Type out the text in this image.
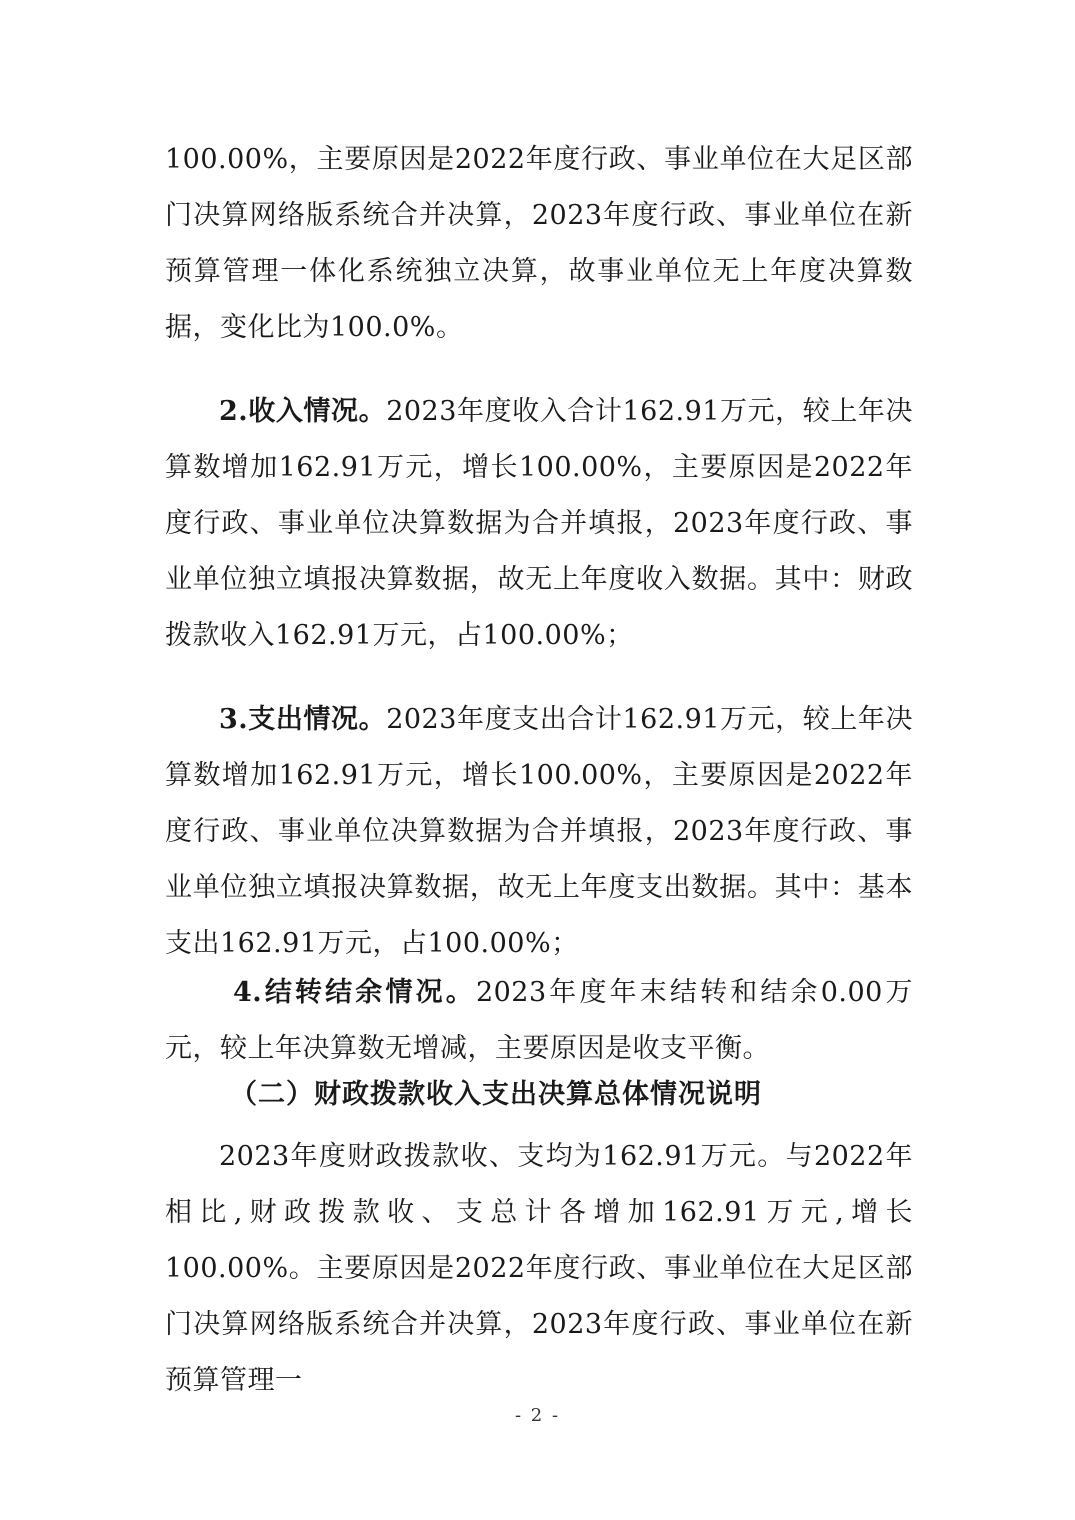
100.00%，主要原因是2022年度行政、事业单位在大足区部门决算网络版系统合并决算，2023年度行政、事业单位在新预算管理一体化系统独立决算，故事业单位无上年度决算数据，变化比为100.0%。

2.收入情况。2023年度收入合计162.91万元，较上年决算数增加162.91万元，增长100.00%，主要原因是2022年度行政、事业单位决算数据为合并填报，2023年度行政、事业单位独立填报决算数据，故无上年度收入数据。其中：财政拨款收入162.91万元，占100.00%；

3.支出情况。2023年度支出合计162.91万元，较上年决算数增加162.91万元，增长100.00%，主要原因是2022年度行政、事业单位决算数据为合并填报，2023年度行政、事业单位独立填报决算数据，故无上年度支出数据。其中：基本支出162.91万元，占100.00%；

4.结转结余情况。2023年度年末结转和结余0.00万元，较上年决算数无增减，主要原因是收支平衡。

（二）财政拨款收入支出决算总体情况说明

2023年度财政拨款收、支均为162.91万元。与2022年相比,财政拨款收、支总计各增加162.91万元,增长100.00%。主要原因是2022年度行政、事业单位在大足区部门决算网络版系统合并决算，2023年度行政、事业单位在新预算管理一

- 2 -
